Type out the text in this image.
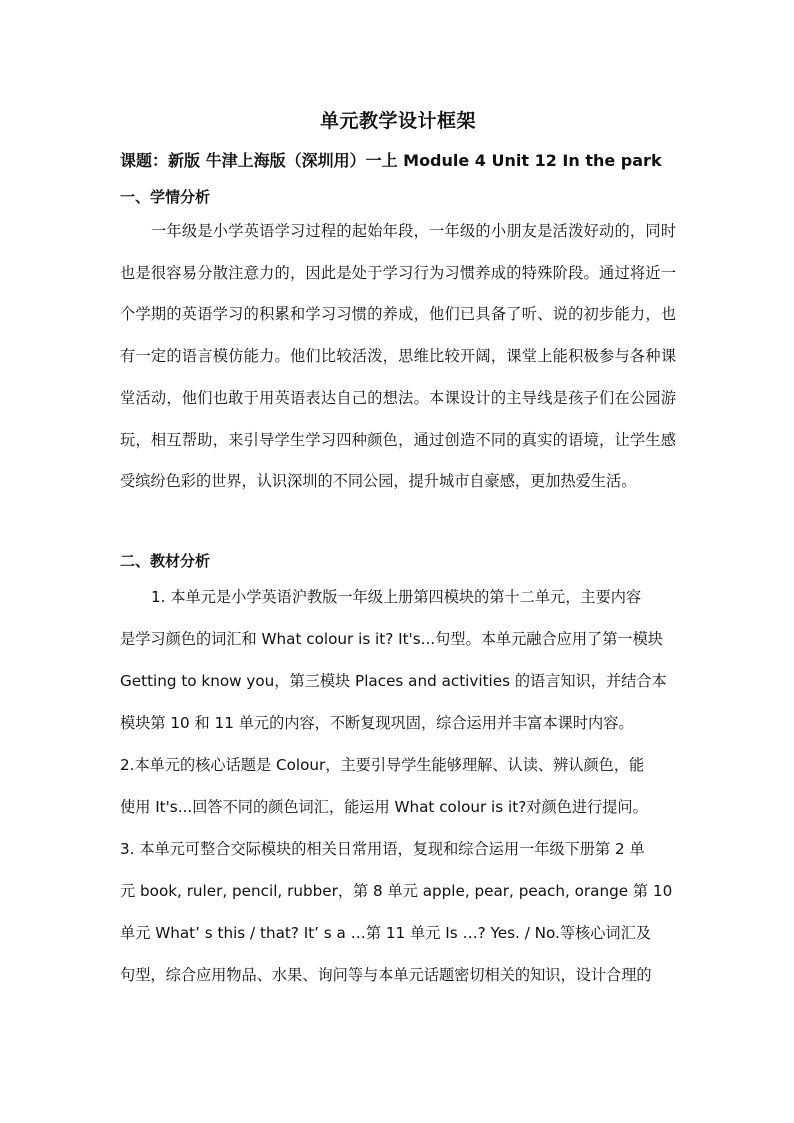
单元教学设计框架
课题：新版 牛津上海版（深圳用）一上 Module 4 Unit 12 In the park
一、学情分析

一年级是小学英语学习过程的起始年段，一年级的小朋友是活泼好动的，同时也是很容易分散注意力的，因此是处于学习行为习惯养成的特殊阶段。通过将近一个学期的英语学习的积累和学习习惯的养成，他们已具备了听、说的初步能力，也有一定的语言模仿能力。他们比较活泼，思维比较开阔，课堂上能积极参与各种课堂活动，他们也敢于用英语表达自己的想法。本课设计的主导线是孩子们在公园游玩，相互帮助，来引导学生学习四种颜色，通过创造不同的真实的语境，让学生感受缤纷色彩的世界，认识深圳的不同公园，提升城市自豪感，更加热爱生活。

二、教材分析
1. 本单元是小学英语沪教版一年级上册第四模块的第十二单元，主要内容
是学习颜色的词汇和 What colour is it? It's...句型。本单元融合应用了第一模块
Getting to know you，第三模块 Places and activities 的语言知识，并结合本
模块第 10 和 11 单元的内容，不断复现巩固，综合运用并丰富本课时内容。
2.本单元的核心话题是 Colour，主要引导学生能够理解、认读、辨认颜色，能
使用 It's...回答不同的颜色词汇，能运用 What colour is it?对颜色进行提问。
3. 本单元可整合交际模块的相关日常用语，复现和综合运用一年级下册第 2 单
元 book, ruler, pencil, rubber，第 8 单元 apple, pear, peach, orange 第 10
单元 What’ s this / that? It’ s a …第 11 单元 Is …? Yes. / No.等核心词汇及
句型，综合应用物品、水果、询问等与本单元话题密切相关的知识，设计合理的
